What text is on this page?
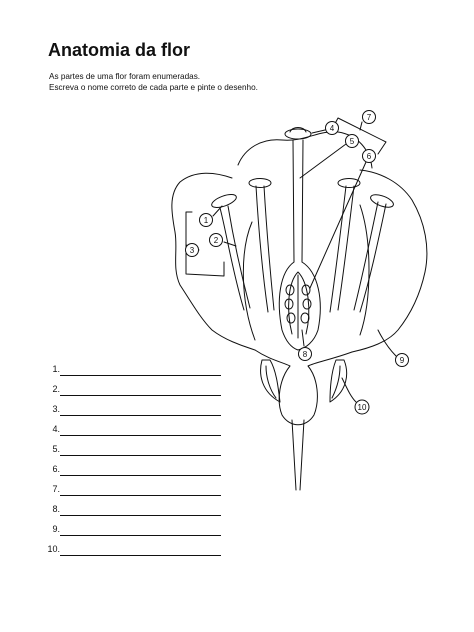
Anatomia da flor
As partes de uma flor foram enumeradas.
Escreva o nome correto de cada parte e pinte o desenho.
1.
2.
3.
4.
6.
5.
7.
8.
9.
10.
1
2
3
4
5
6
7
8
9
10
